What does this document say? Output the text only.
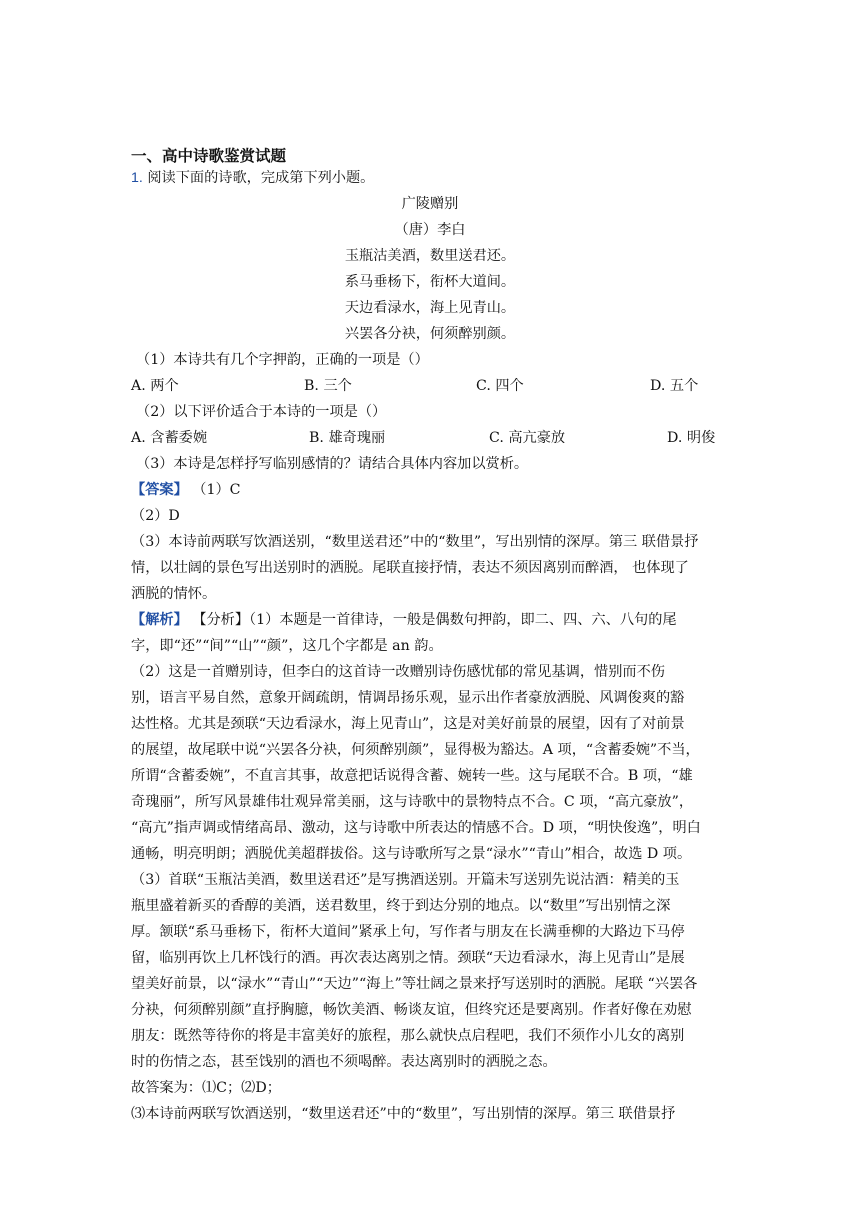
一、高中诗歌鉴赏试题
1. 阅读下面的诗歌，完成第下列小题。
广陵赠别
（唐）李白
玉瓶沽美酒，数里送君还。
系马垂杨下，衔杯大道间。
天边看渌水，海上见青山。
兴罢各分袂，何须醉别颜。
（1）本诗共有几个字押韵，正确的一项是（）
A. 两个	B. 三个	C. 四个	D. 五个
（2）以下评价适合于本诗的一项是（）
A. 含蓄委婉	B. 雄奇瑰丽	C. 高亢豪放	D. 明俊
（3）本诗是怎样抒写临别感情的？请结合具体内容加以赏析。
【答案】 （1）C
（2）D
（3）本诗前两联写饮酒送别，“数里送君还”中的“数里”，写出别情的深厚。第三 联借景抒
情，以壮阔的景色写出送别时的洒脱。尾联直接抒情，表达不须因离别而醉酒， 也体现了
洒脱的情怀。
【解析】 【分析】（1）本题是一首律诗，一般是偶数句押韵，即二、四、六、八句的尾
字，即“还”“间”“山”“颜”，这几个字都是 an 韵。
（2）这是一首赠别诗，但李白的这首诗一改赠别诗伤感忧郁的常见基调，惜别而不伤
别，语言平易自然，意象开阔疏朗，情调昂扬乐观，显示出作者豪放洒脱、风调俊爽的豁
达性格。尤其是颈联“天边看渌水，海上见青山”，这是对美好前景的展望，因有了对前景
的展望，故尾联中说“兴罢各分袂，何须醉别颜”，显得极为豁达。A 项，“含蓄委婉”不当，
所谓“含蓄委婉”，不直言其事，故意把话说得含蓄、婉转一些。这与尾联不合。B 项，“雄
奇瑰丽”，所写风景雄伟壮观异常美丽，这与诗歌中的景物特点不合。C 项，“高亢豪放”，
“高亢”指声调或情绪高昂、激动，这与诗歌中所表达的情感不合。D 项，“明快俊逸”，明白
通畅，明亮明朗；洒脱优美超群拔俗。这与诗歌所写之景“渌水”“青山”相合，故选 D 项。
（3）首联“玉瓶沽美酒，数里送君还”是写携酒送别。开篇未写送别先说沽酒：精美的玉
瓶里盛着新买的香醇的美酒，送君数里，终于到达分别的地点。以“数里”写出别情之深
厚。颔联“系马垂杨下，衔杯大道间”紧承上句，写作者与朋友在长满垂柳的大路边下马停
留，临别再饮上几杯饯行的酒。再次表达离别之情。颈联“天边看渌水，海上见青山”是展
望美好前景，以“渌水”“青山”“天边”“海上”等壮阔之景来抒写送别时的洒脱。尾联 “兴罢各
分袂，何须醉别颜”直抒胸臆，畅饮美酒、畅谈友谊，但终究还是要离别。作者好像在劝慰
朋友：既然等待你的将是丰富美好的旅程，那么就快点启程吧，我们不须作小儿女的离别
时的伤情之态，甚至饯别的酒也不须喝醉。表达离别时的洒脱之态。
故答案为：⑴C；⑵D；
⑶本诗前两联写饮酒送别，“数里送君还”中的“数里”，写出别情的深厚。第三 联借景抒
